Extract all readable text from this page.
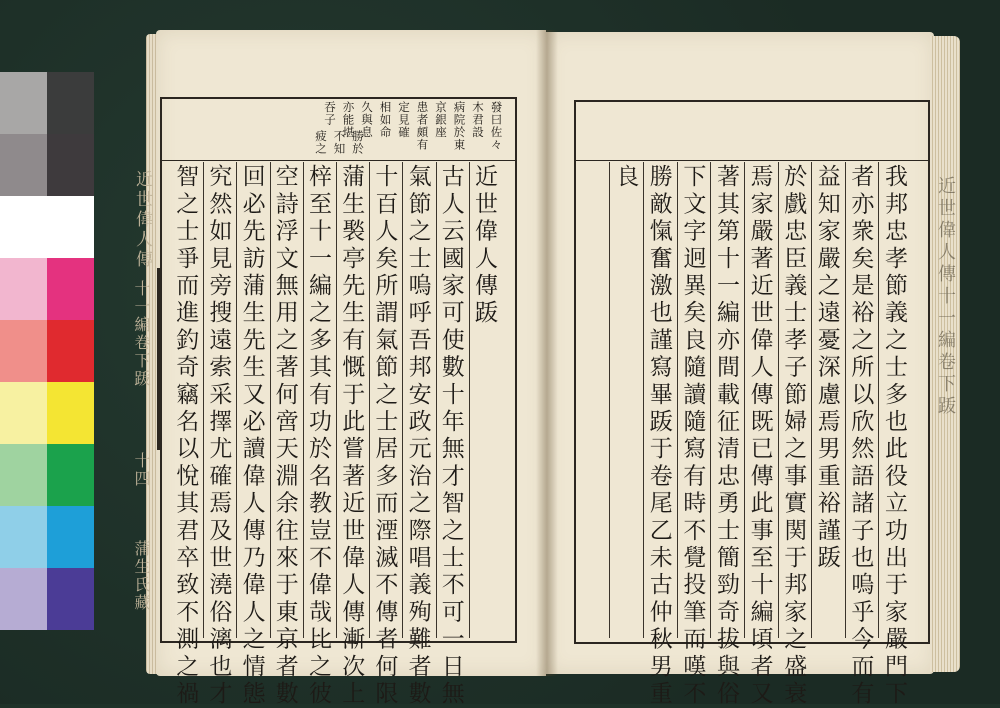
近世偉人傳十一編卷下䟦
發曰佐々
木君設
病院於東
京銀座
患者頗有
定見確
相如命
久與息
亦能堪
吞子
勝於
不知
疲之
近世偉人傳䟦
古人云國家可使數十年無才智之士不可一日無
氣節之士嗚呼吾邦安政元治之際唱義殉難者數
十百人矣所謂氣節之士居多而湮滅不傳者何限
蒲生褧亭先生有慨于此嘗著近世偉人傳漸次上
梓至十一編之多其有功於名教豈不偉哉比之彼
空詩浮文無用之著何啻天淵余往來于東京者數
回必先訪蒲生先生又必讀偉人傳乃偉人之情態
究然如見旁搜遠索采擇尤確焉及世澆俗漓也才
智之士爭而進釣奇竊名以悅其君卒致不測之禍
近世偉人傳
十一編卷下䟦
十四
蒲生氏藏	我邦忠孝節義之士多也此役立功出于家嚴門下
者亦衆矣是裕之所以欣然語諸子也嗚乎今而有
益知家嚴之遠憂深慮焉男重裕謹䟦
於戲忠臣義士孝子節婦之事實関于邦家之盛衰
焉家嚴著近世偉人傳既已傳此事至十編頃者又
著其第十一編亦間載征清忠勇士簡勁奇拔與俗
下文字迥異矣良隨讀隨寫有時不覺投筆而嘆不
勝敵愾奮激也謹寫畢䟦于卷尾乙未古仲秋男重
良
